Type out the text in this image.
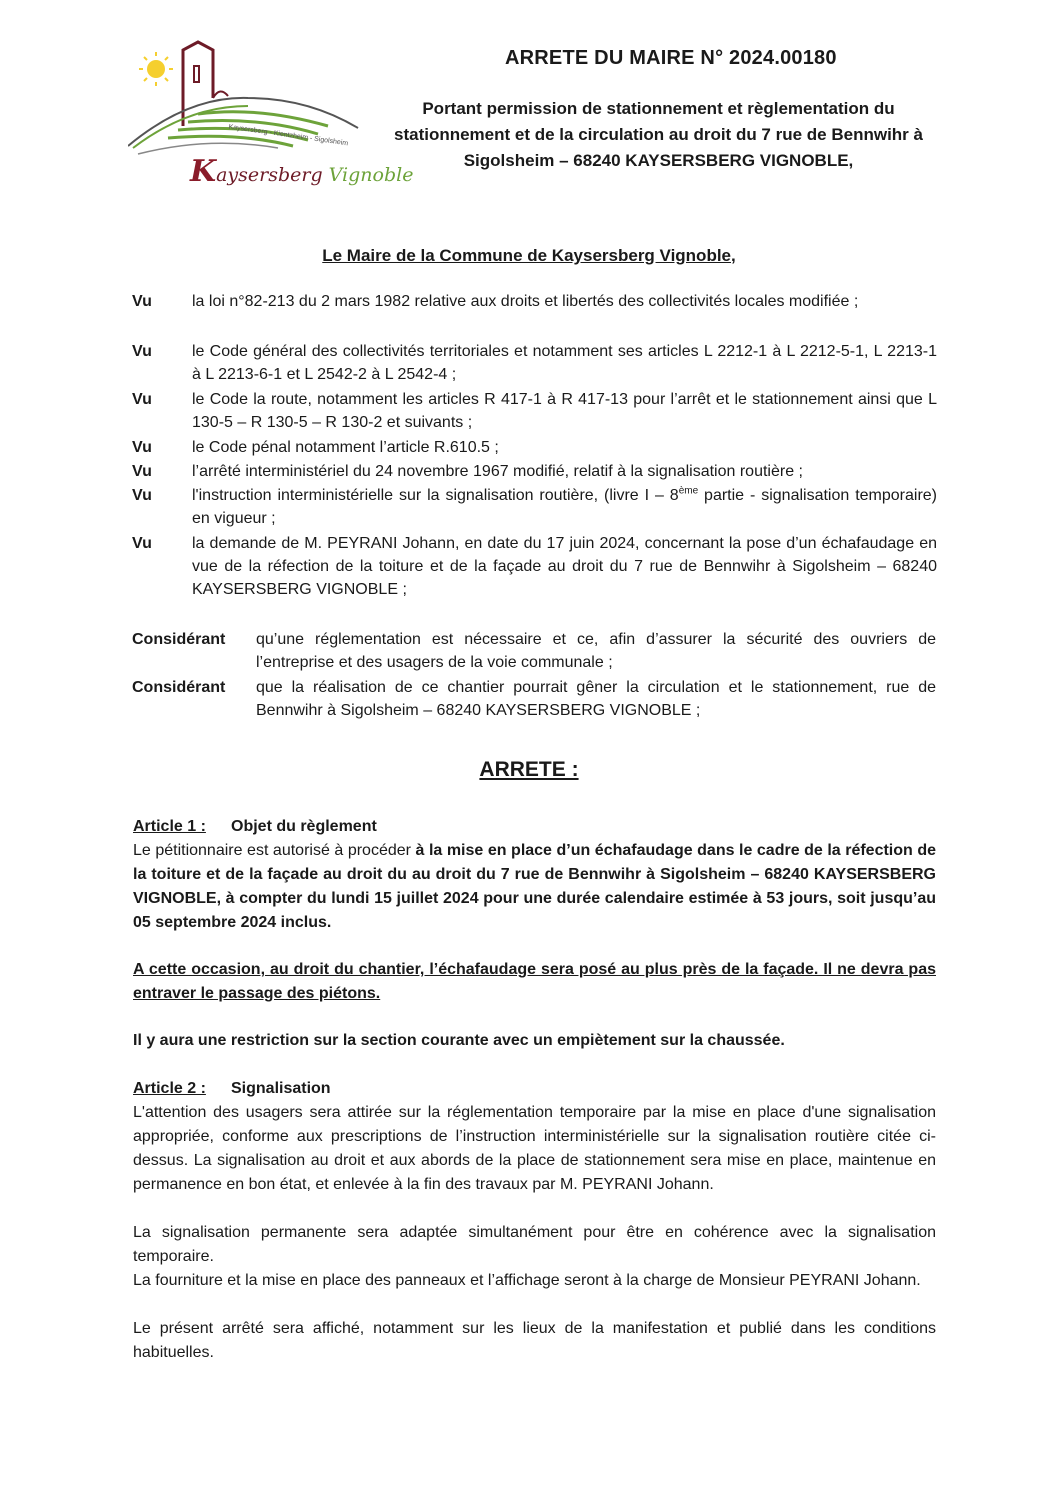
Kaysersberg - Kientzheim - Sigolsheim
Kaysersberg Vignoble
ARRETE DU MAIRE N° 2024.00180
Portant permission de stationnement et règlementation du stationnement et de la circulation au droit du 7 rue de Bennwihr à Sigolsheim – 68240 KAYSERSBERG VIGNOBLE,
Le Maire de la Commune de Kaysersberg Vignoble,
Vu	la loi n°82-213 du 2 mars 1982 relative aux droits et libertés des collectivités locales modifiée ;
Vu	le Code général des collectivités territoriales et notamment ses articles L 2212-1 à L 2212-5-1, L 2213-1 à L 2213-6-1 et L 2542-2 à L 2542-4 ;
Vu	le Code la route, notamment les articles R 417-1 à R 417-13 pour l’arrêt et le stationnement ainsi que L 130-5 – R 130-5 – R 130-2 et suivants ;
Vu	le Code pénal notamment l’article R.610.5 ;
Vu	l’arrêté interministériel du 24 novembre 1967 modifié, relatif à la signalisation routière ;
Vu	l'instruction interministérielle sur la signalisation routière, (livre I – 8ème partie - signalisation temporaire) en vigueur ;
Vu	la demande de M. PEYRANI Johann, en date du 17 juin 2024, concernant la pose d’un échafaudage en vue de la réfection de la toiture et de la façade au droit du 7 rue de Bennwihr à Sigolsheim – 68240 KAYSERSBERG VIGNOBLE ;
Considérant qu’une réglementation est nécessaire et ce, afin d’assurer la sécurité des ouvriers de l’entreprise et des usagers de la voie communale ;
Considérant que la réalisation de ce chantier pourrait gêner la circulation et le stationnement, rue de Bennwihr à Sigolsheim – 68240 KAYSERSBERG VIGNOBLE ;
ARRETE :
Article 1 : Objet du règlement
Le pétitionnaire est autorisé à procéder à la mise en place d’un échafaudage dans le cadre de la réfection de la toiture et de la façade au droit du au droit du 7 rue de Bennwihr à Sigolsheim – 68240 KAYSERSBERG VIGNOBLE, à compter du lundi 15 juillet 2024 pour une durée calendaire estimée à 53 jours, soit jusqu’au 05 septembre 2024 inclus.
A cette occasion, au droit du chantier, l’échafaudage sera posé au plus près de la façade. Il ne devra pas entraver le passage des piétons.
Il y aura une restriction sur la section courante avec un empiètement sur la chaussée.
Article 2 : Signalisation
L'attention des usagers sera attirée sur la réglementation temporaire par la mise en place d'une signalisation appropriée, conforme aux prescriptions de l’instruction interministérielle sur la signalisation routière citée ci-dessus. La signalisation au droit et aux abords de la place de stationnement sera mise en place, maintenue en permanence en bon état, et enlevée à la fin des travaux par M. PEYRANI Johann.
La signalisation permanente sera adaptée simultanément pour être en cohérence avec la signalisation temporaire.
La fourniture et la mise en place des panneaux et l’affichage seront à la charge de Monsieur PEYRANI Johann.
Le présent arrêté sera affiché, notamment sur les lieux de la manifestation et publié dans les conditions habituelles.
